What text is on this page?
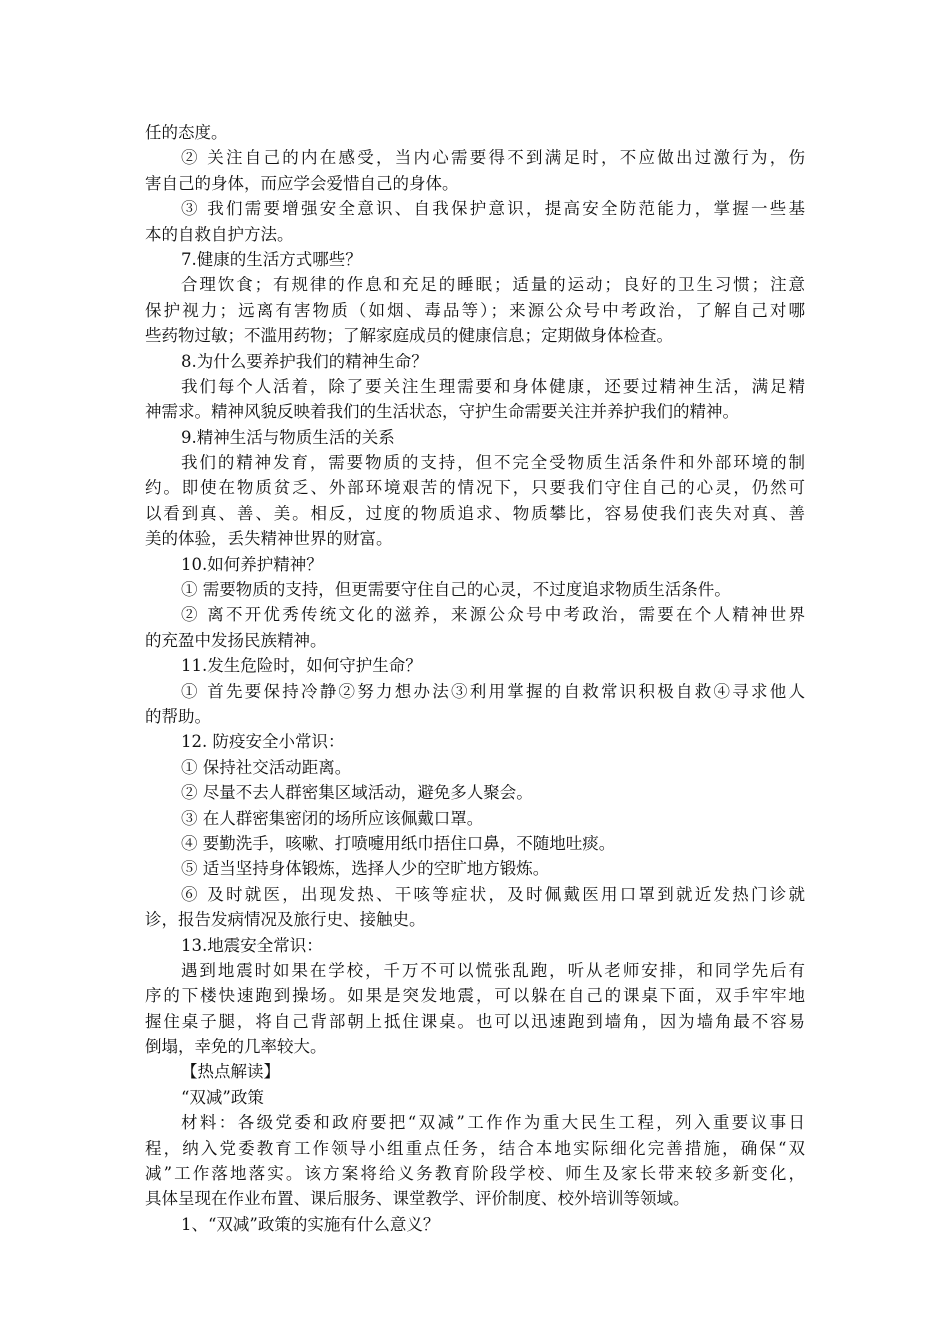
任的态度。
② 关注自己的内在感受，当内心需要得不到满足时，不应做出过激行为，伤
害自己的身体，而应学会爱惜自己的身体。
③ 我们需要增强安全意识、自我保护意识，提高安全防范能力，掌握一些基
本的自救自护方法。
7.健康的生活方式哪些？
合理饮食；有规律的作息和充足的睡眠；适量的运动；良好的卫生习惯；注意
保护视力；远离有害物质（如烟、毒品等）；来源公众号中考政治，了解自己对哪
些药物过敏；不滥用药物；了解家庭成员的健康信息；定期做身体检查。
8.为什么要养护我们的精神生命？
我们每个人活着，除了要关注生理需要和身体健康，还要过精神生活，满足精
神需求。精神风貌反映着我们的生活状态，守护生命需要关注并养护我们的精神。
9.精神生活与物质生活的关系
我们的精神发育，需要物质的支持，但不完全受物质生活条件和外部环境的制
约。即使在物质贫乏、外部环境艰苦的情况下，只要我们守住自己的心灵，仍然可
以看到真、善、美。相反，过度的物质追求、物质攀比，容易使我们丧失对真、善
美的体验，丢失精神世界的财富。
10.如何养护精神？
① 需要物质的支持，但更需要守住自己的心灵，不过度追求物质生活条件。
② 离不开优秀传统文化的滋养，来源公众号中考政治，需要在个人精神世界
的充盈中发扬民族精神。
11.发生危险时，如何守护生命？
① 首先要保持冷静②努力想办法③利用掌握的自救常识积极自救④寻求他人
的帮助。
12. 防疫安全小常识：
① 保持社交活动距离。
② 尽量不去人群密集区域活动，避免多人聚会。
③ 在人群密集密闭的场所应该佩戴口罩。
④ 要勤洗手，咳嗽、打喷嚏用纸巾捂住口鼻，不随地吐痰。
⑤ 适当坚持身体锻炼，选择人少的空旷地方锻炼。
⑥ 及时就医，出现发热、干咳等症状，及时佩戴医用口罩到就近发热门诊就
诊，报告发病情况及旅行史、接触史。
13.地震安全常识：
遇到地震时如果在学校，千万不可以慌张乱跑，听从老师安排，和同学先后有
序的下楼快速跑到操场。如果是突发地震，可以躲在自己的课桌下面，双手牢牢地
握住桌子腿，将自己背部朝上抵住课桌。也可以迅速跑到墙角，因为墙角最不容易
倒塌，幸免的几率较大。
【热点解读】
“双减”政策
材料：各级党委和政府要把“双减”工作作为重大民生工程，列入重要议事日
程，纳入党委教育工作领导小组重点任务，结合本地实际细化完善措施，确保“双
减”工作落地落实。该方案将给义务教育阶段学校、师生及家长带来较多新变化，
具体呈现在作业布置、课后服务、课堂教学、评价制度、校外培训等领域。
1、“双减”政策的实施有什么意义？
